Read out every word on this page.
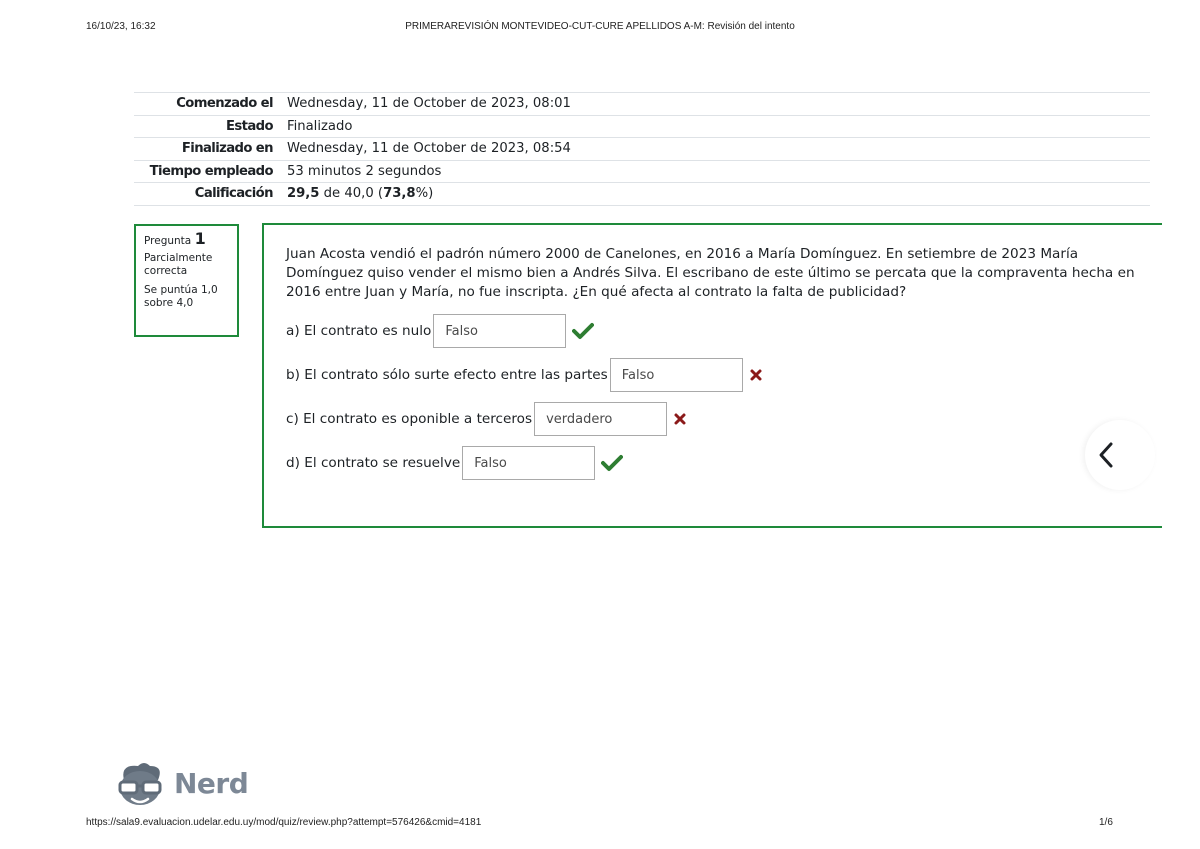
16/10/23, 16:32	PRIMERAREVISIÓN MONTEVIDEO-CUT-CURE APELLIDOS A-M: Revisión del intento
Comenzado el	Wednesday, 11 de October de 2023, 08:01
Estado	Finalizado
Finalizado en	Wednesday, 11 de October de 2023, 08:54
Tiempo empleado	53 minutos 2 segundos
Calificación	29,5 de 40,0 (73,8%)
Pregunta 1
Parcialmente correcta
Se puntúa 1,0 sobre 4,0
Juan Acosta vendió el padrón número 2000 de Canelones, en 2016 a María Domínguez. En setiembre de 2023 María Domínguez quiso vender el mismo bien a Andrés Silva. El escribano de este último se percata que la compraventa hecha en 2016 entre Juan y María, no fue inscripta. ¿En qué afecta al contrato la falta de publicidad?
a) El contrato es nulo	Falso
b) El contrato sólo surte efecto entre las partes	Falso
c) El contrato es oponible a terceros	verdadero
d) El contrato se resuelve	Falso
Nerd
https://sala9.evaluacion.udelar.edu.uy/mod/quiz/review.php?attempt=576426&cmid=4181	1/6
